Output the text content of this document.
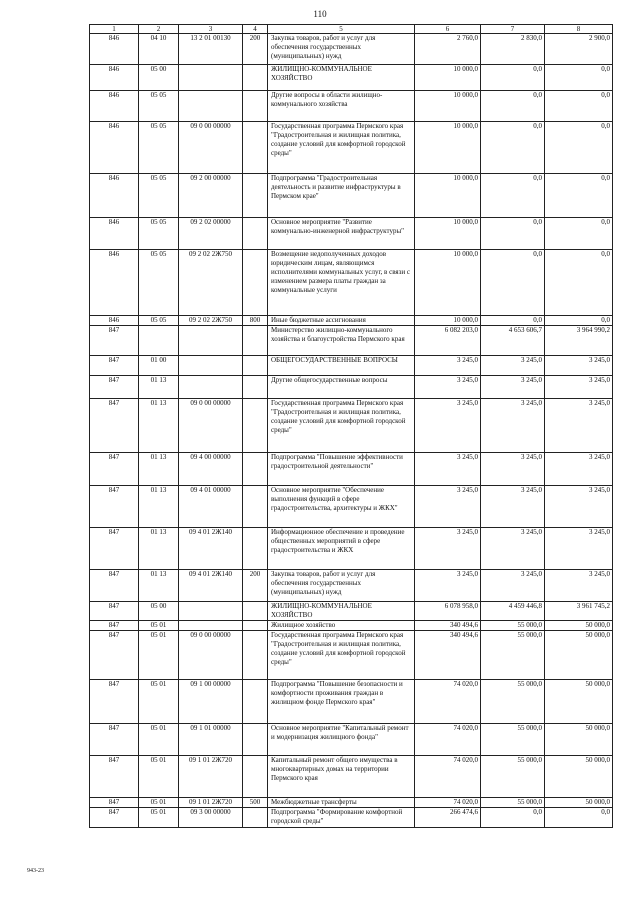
110
1	2	3	4	5	6	7	8
846	04 10	13 2 01 00130	200	Закупка товаров, работ и услуг для обеспечения государственных (муниципальных) нужд	2 760,0	2 830,0	2 900,0
846	05 00			ЖИЛИЩНО-КОММУНАЛЬНОЕ ХОЗЯЙСТВО	10 000,0	0,0	0,0
846	05 05			Другие вопросы в области жилищно-коммунального хозяйства	10 000,0	0,0	0,0
846	05 05	09 0 00 00000		Государственная программа Пермского края "Градостроительная и жилищная политика, создание условий для комфортной городской среды"	10 000,0	0,0	0,0
846	05 05	09 2 00 00000		Подпрограмма "Градостроительная деятельность и развитие инфраструктуры в Пермском крае"	10 000,0	0,0	0,0
846	05 05	09 2 02 00000		Основное мероприятие "Развитие коммунально-инженерной инфраструктуры"	10 000,0	0,0	0,0
846	05 05	09 2 02 2Ж750		Возмещение недополученных доходов юридическим лицам, являющимся исполнителями коммунальных услуг, в связи с изменением размера платы граждан за коммунальные услуги	10 000,0	0,0	0,0
846	05 05	09 2 02 2Ж750	800	Иные бюджетные ассигнования	10 000,0	0,0	0,0
847				Министерство жилищно-коммунального хозяйства и благоустройства Пермского края	6 082 203,0	4 653 606,7	3 964 990,2
847	01 00			ОБЩЕГОСУДАРСТВЕННЫЕ ВОПРОСЫ	3 245,0	3 245,0	3 245,0
847	01 13			Другие общегосударственные вопросы	3 245,0	3 245,0	3 245,0
847	01 13	09 0 00 00000		Государственная программа Пермского края "Градостроительная и жилищная политика, создание условий для комфортной городской среды"	3 245,0	3 245,0	3 245,0
847	01 13	09 4 00 00000		Подпрограмма "Повышение эффективности градостроительной деятельности"	3 245,0	3 245,0	3 245,0
847	01 13	09 4 01 00000		Основное мероприятие "Обеспечение выполнения функций в сфере градостроительства, архитектуры и ЖКХ"	3 245,0	3 245,0	3 245,0
847	01 13	09 4 01 2Ж140		Информационное обеспечение и проведение общественных мероприятий в сфере градостроительства и ЖКХ	3 245,0	3 245,0	3 245,0
847	01 13	09 4 01 2Ж140	200	Закупка товаров, работ и услуг для обеспечения государственных (муниципальных) нужд	3 245,0	3 245,0	3 245,0
847	05 00			ЖИЛИЩНО-КОММУНАЛЬНОЕ ХОЗЯЙСТВО	6 078 958,0	4 459 446,8	3 961 745,2
847	05 01			Жилищное хозяйство	340 494,6	55 000,0	50 000,0
847	05 01	09 0 00 00000		Государственная программа Пермского края "Градостроительная и жилищная политика, создание условий для комфортной городской среды"	340 494,6	55 000,0	50 000,0
847	05 01	09 1 00 00000		Подпрограмма "Повышение безопасности и комфортности проживания граждан в жилищном фонде Пермского края"	74 020,0	55 000,0	50 000,0
847	05 01	09 1 01 00000		Основное мероприятие "Капитальный ремонт и модернизация жилищного фонда"	74 020,0	55 000,0	50 000,0
847	05 01	09 1 01 2Ж720		Капитальный ремонт общего имущества в многоквартирных домах на территории Пермского края	74 020,0	55 000,0	50 000,0
847	05 01	09 1 01 2Ж720	500	Межбюджетные трансферты	74 020,0	55 000,0	50 000,0
847	05 01	09 3 00 00000		Подпрограмма "Формирование комфортной городской среды"	266 474,6	0,0	0,0
943-23
